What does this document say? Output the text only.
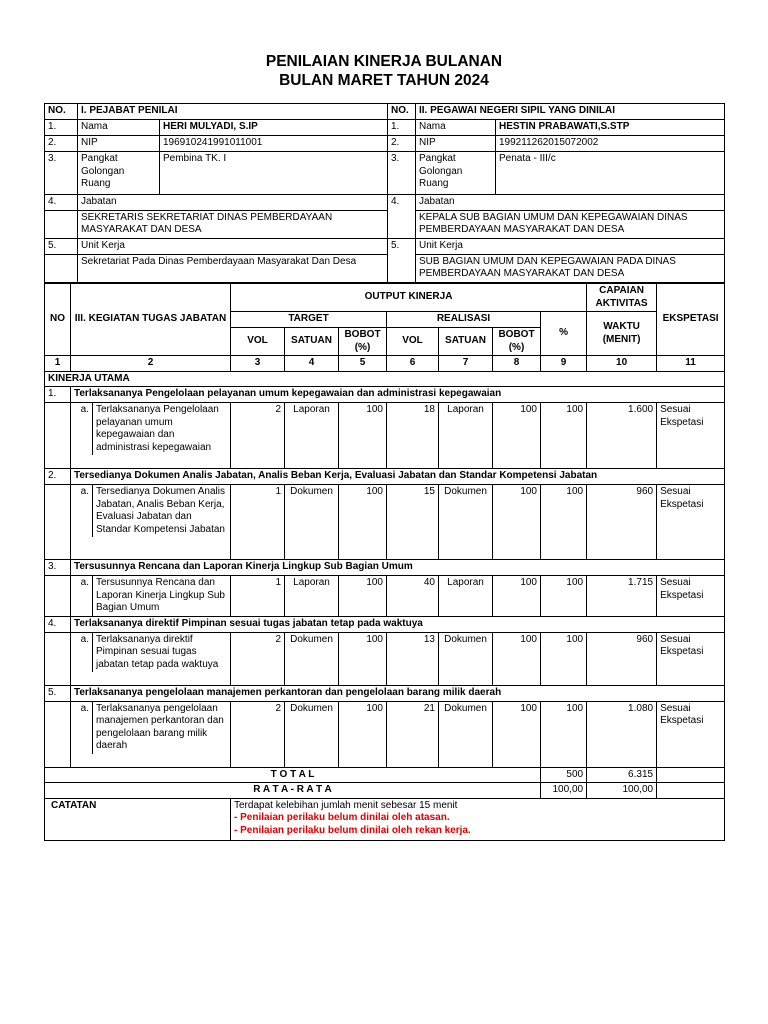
PENILAIAN KINERJA BULANAN
BULAN MARET TAHUN 2024
NO.	I. PEJABAT PENILAI		NO.	II. PEGAWAI NEGERI SIPIL YANG DINILAI	
1.	Nama	HERI MULYADI, S.IP	1.	Nama	HESTIN PRABAWATI,S.STP
2.	NIP	196910241991011001	2.	NIP	199211262015072002
3.	Pangkat Golongan Ruang	Pembina TK. I	3.	Pangkat Golongan Ruang	Penata - III/c
4.	Jabatan		4.	Jabatan	
	SEKRETARIS SEKRETARIAT DINAS PEMBERDAYAAN MASYARAKAT DAN DESA			KEPALA SUB BAGIAN UMUM DAN KEPEGAWAIAN DINAS PEMBERDAYAAN MASYARAKAT DAN DESA	
5.	Unit Kerja		5.	Unit Kerja	
	Sekretariat Pada Dinas Pemberdayaan Masyarakat Dan Desa			SUB BAGIAN UMUM DAN KEPEGAWAIAN PADA DINAS PEMBERDAYAAN MASYARAKAT DAN DESA	
NO	III. KEGIATAN TUGAS JABATAN	OUTPUT KINERJA							CAPAIAN AKTIVITAS	EKSPETASI
		TARGET			REALISASI			%	WAKTU (MENIT)	
		VOL	SATUAN	BOBOT (%)	VOL	SATUAN	BOBOT (%)			
1	2	3	4	5	6	7	8	9	10	11
KINERJA UTAMA										
1.	Terlaksananya Pengelolaan pelayanan umum kepegawaian dan administrasi kepegawaian									

	a. Terlaksananya Pengelolaan pelayanan umum kepegawaian dan administrasi kepegawaian	2	Laporan	100	18	Laporan	100	100	1.600	Sesuai Ekspetasi
2.	Tersedianya Dokumen Analis Jabatan, Analis Beban Kerja, Evaluasi Jabatan dan Standar Kompetensi Jabatan									

	a. Tersedianya Dokumen Analis Jabatan, Analis Beban Kerja, Evaluasi Jabatan dan Standar Kompetensi Jabatan	1	Dokumen	100	15	Dokumen	100	100	960	Sesuai Ekspetasi
3.	Tersusunnya Rencana dan Laporan Kinerja Lingkup Sub Bagian Umum									

	a. Tersusunnya Rencana dan Laporan Kinerja Lingkup Sub Bagian Umum	1	Laporan	100	40	Laporan	100	100	1.715	Sesuai Ekspetasi
4.	Terlaksananya direktif Pimpinan sesuai tugas jabatan tetap pada waktuya									

	a. Terlaksananya direktif Pimpinan sesuai tugas jabatan tetap pada waktuya	2	Dokumen	100	13	Dokumen	100	100	960	Sesuai Ekspetasi
5.	Terlaksananya pengelolaan manajemen perkantoran dan pengelolaan barang milik daerah									

	a. Terlaksananya pengelolaan manajemen perkantoran dan pengelolaan barang milik daerah	2	Dokumen	100	21	Dokumen	100	100	1.080	Sesuai Ekspetasi
T O T A L								500	6.315	
R A T A - R A T A								100,00	100,00	
CATATAN		Terdapat kelebihan jumlah menit sebesar 15 menit
- Penilaian perilaku belum dinilai oleh atasan.
- Penilaian perilaku belum dinilai oleh rekan kerja.								
